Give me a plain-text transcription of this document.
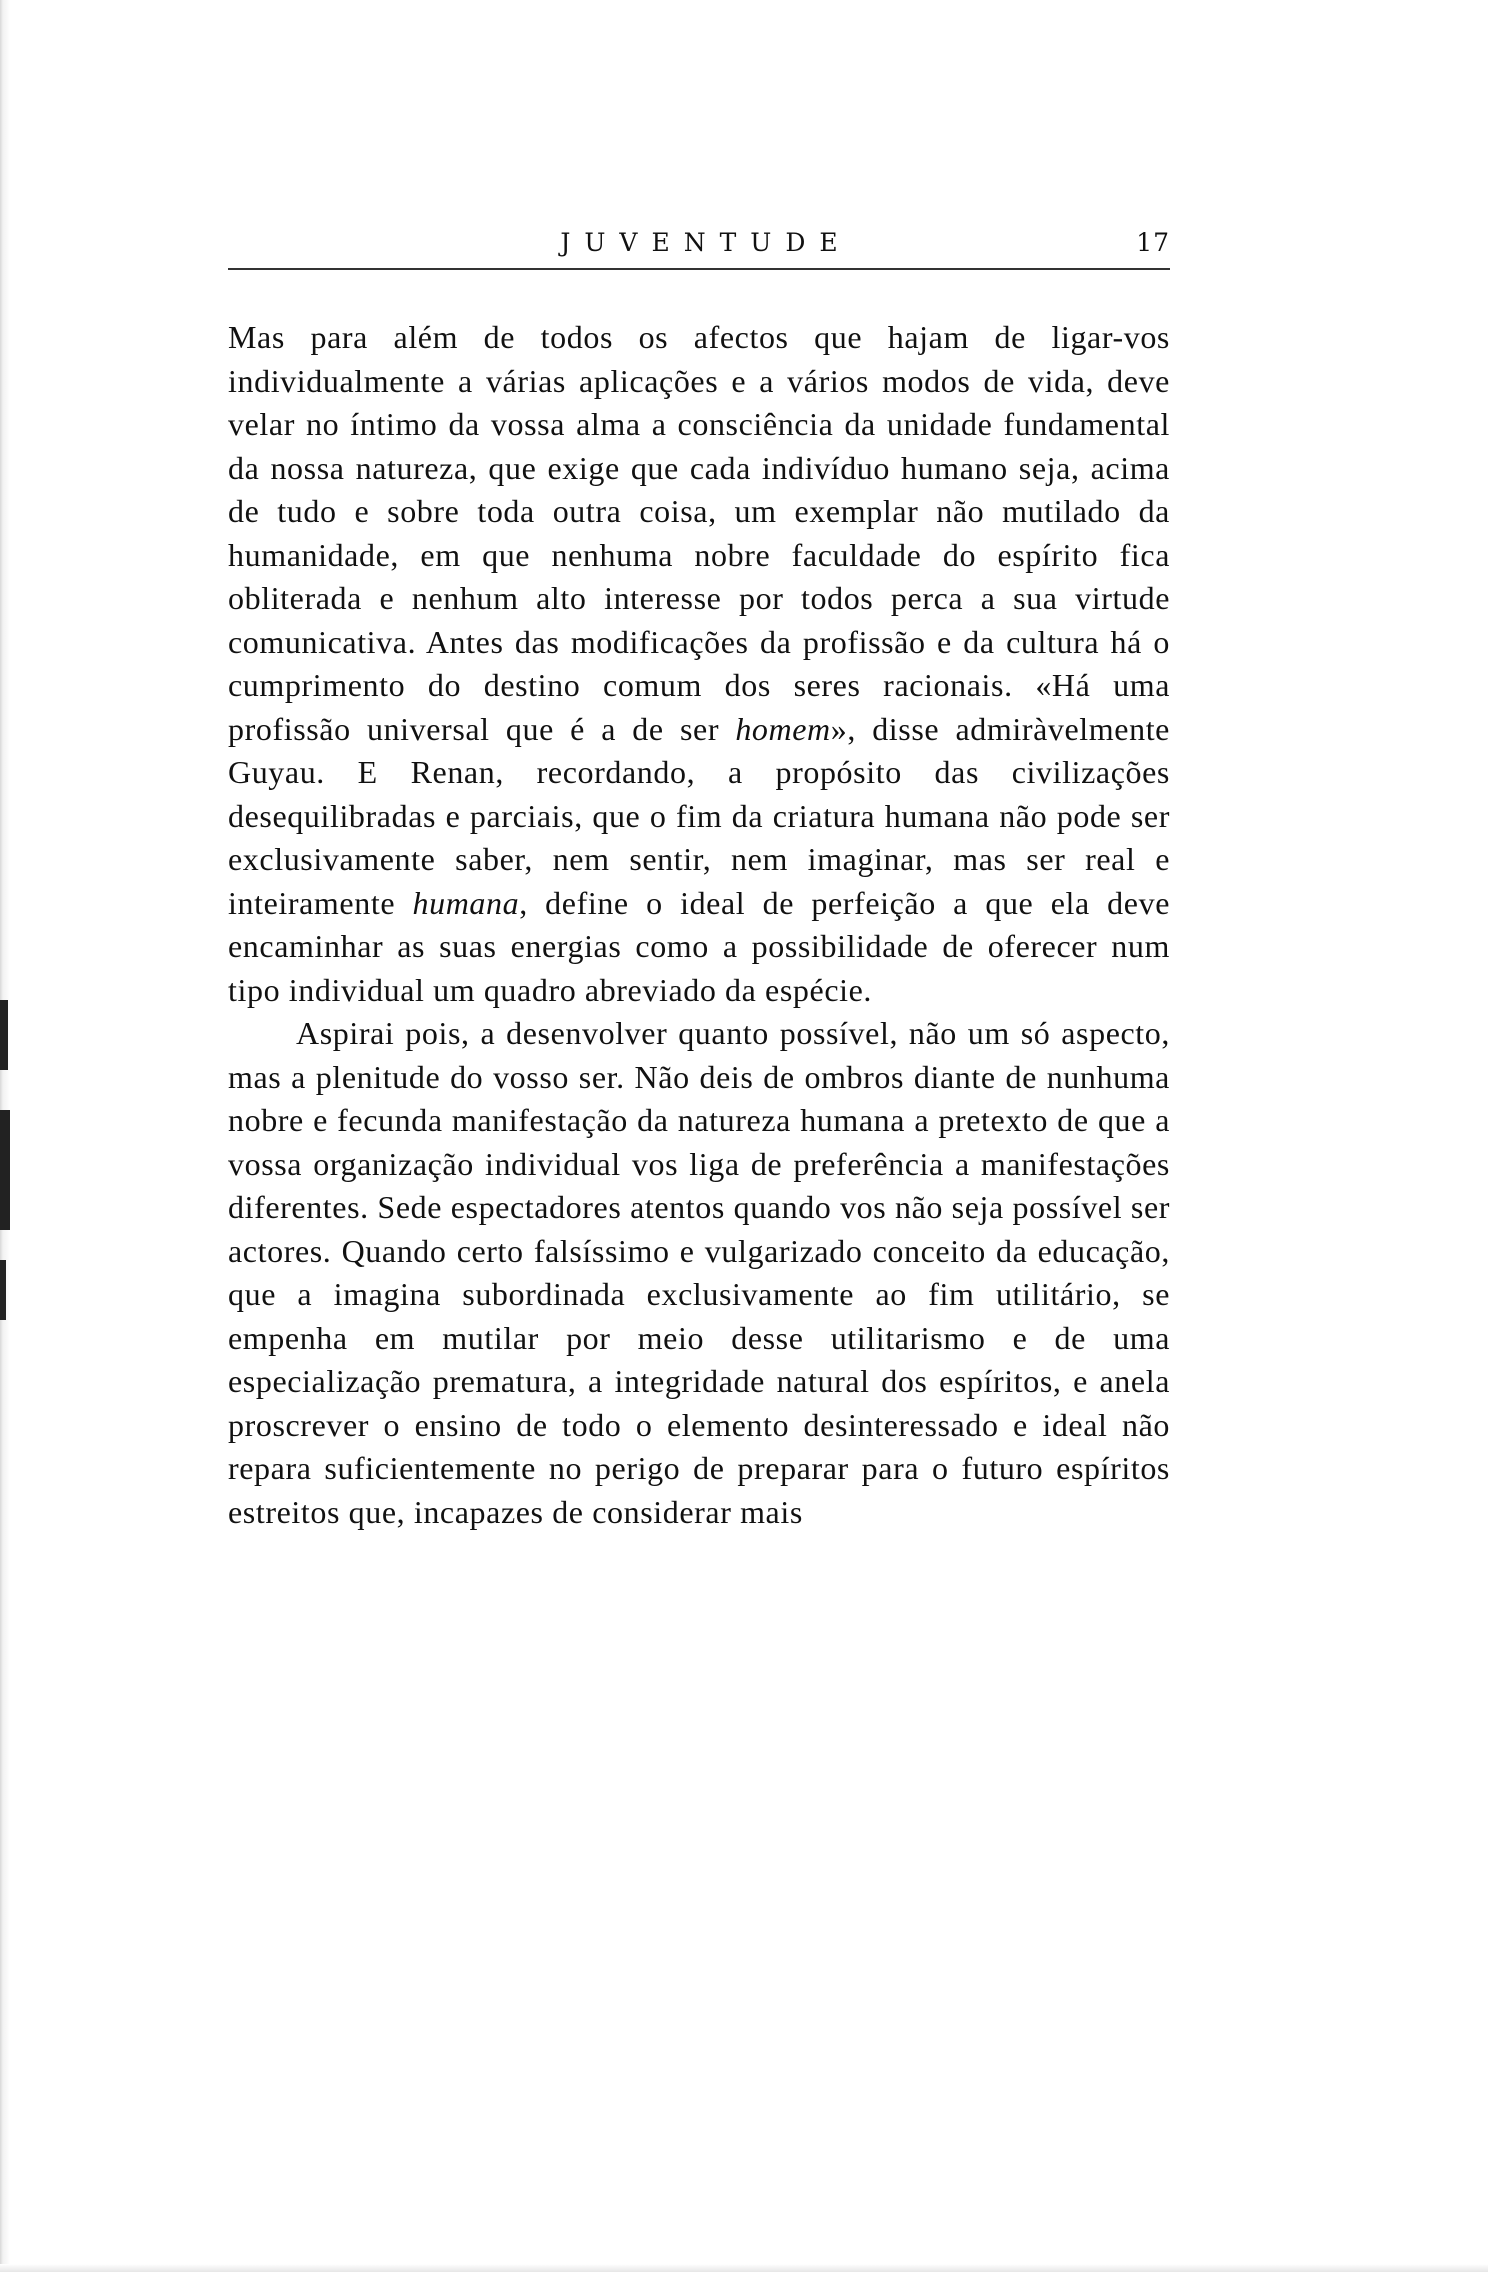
JUVENTUDE	17

Mas para além de todos os afectos que hajam de ligar-vos individualmente a várias aplicações e a vários modos de vida, deve velar no íntimo da vossa alma a consciência da unidade fundamental da nossa natureza, que exige que cada indivíduo humano seja, acima de tudo e sobre toda outra coisa, um exemplar não mutilado da humanidade, em que nenhuma nobre faculdade do espírito fica obliterada e nenhum alto interesse por todos perca a sua virtude comunicativa. Antes das modificações da profissão e da cultura há o cumprimento do destino comum dos seres racionais. «Há uma profissão universal que é a de ser homem», disse admiràvelmente Guyau. E Renan, recordando, a propósito das civilizações desequilibradas e parciais, que o fim da criatura humana não pode ser exclusivamente saber, nem sentir, nem imaginar, mas ser real e inteiramente humana, define o ideal de perfeição a que ela deve encaminhar as suas energias como a possibilidade de oferecer num tipo individual um quadro abreviado da espécie.

Aspirai pois, a desenvolver quanto possível, não um só aspecto, mas a plenitude do vosso ser. Não deis de ombros diante de nunhuma nobre e fecunda manifestação da natureza humana a pretexto de que a vossa organização individual vos liga de preferência a manifestações diferentes. Sede espectadores atentos quando vos não seja possível ser actores. Quando certo falsíssimo e vulgarizado conceito da educação, que a imagina subordinada exclusivamente ao fim utilitário, se empenha em mutilar por meio desse utilitarismo e de uma especialização prematura, a integridade natural dos espíritos, e anela proscrever o ensino de todo o elemento desinteressado e ideal não repara suficientemente no perigo de preparar para o futuro espíritos estreitos que, incapazes de considerar mais
